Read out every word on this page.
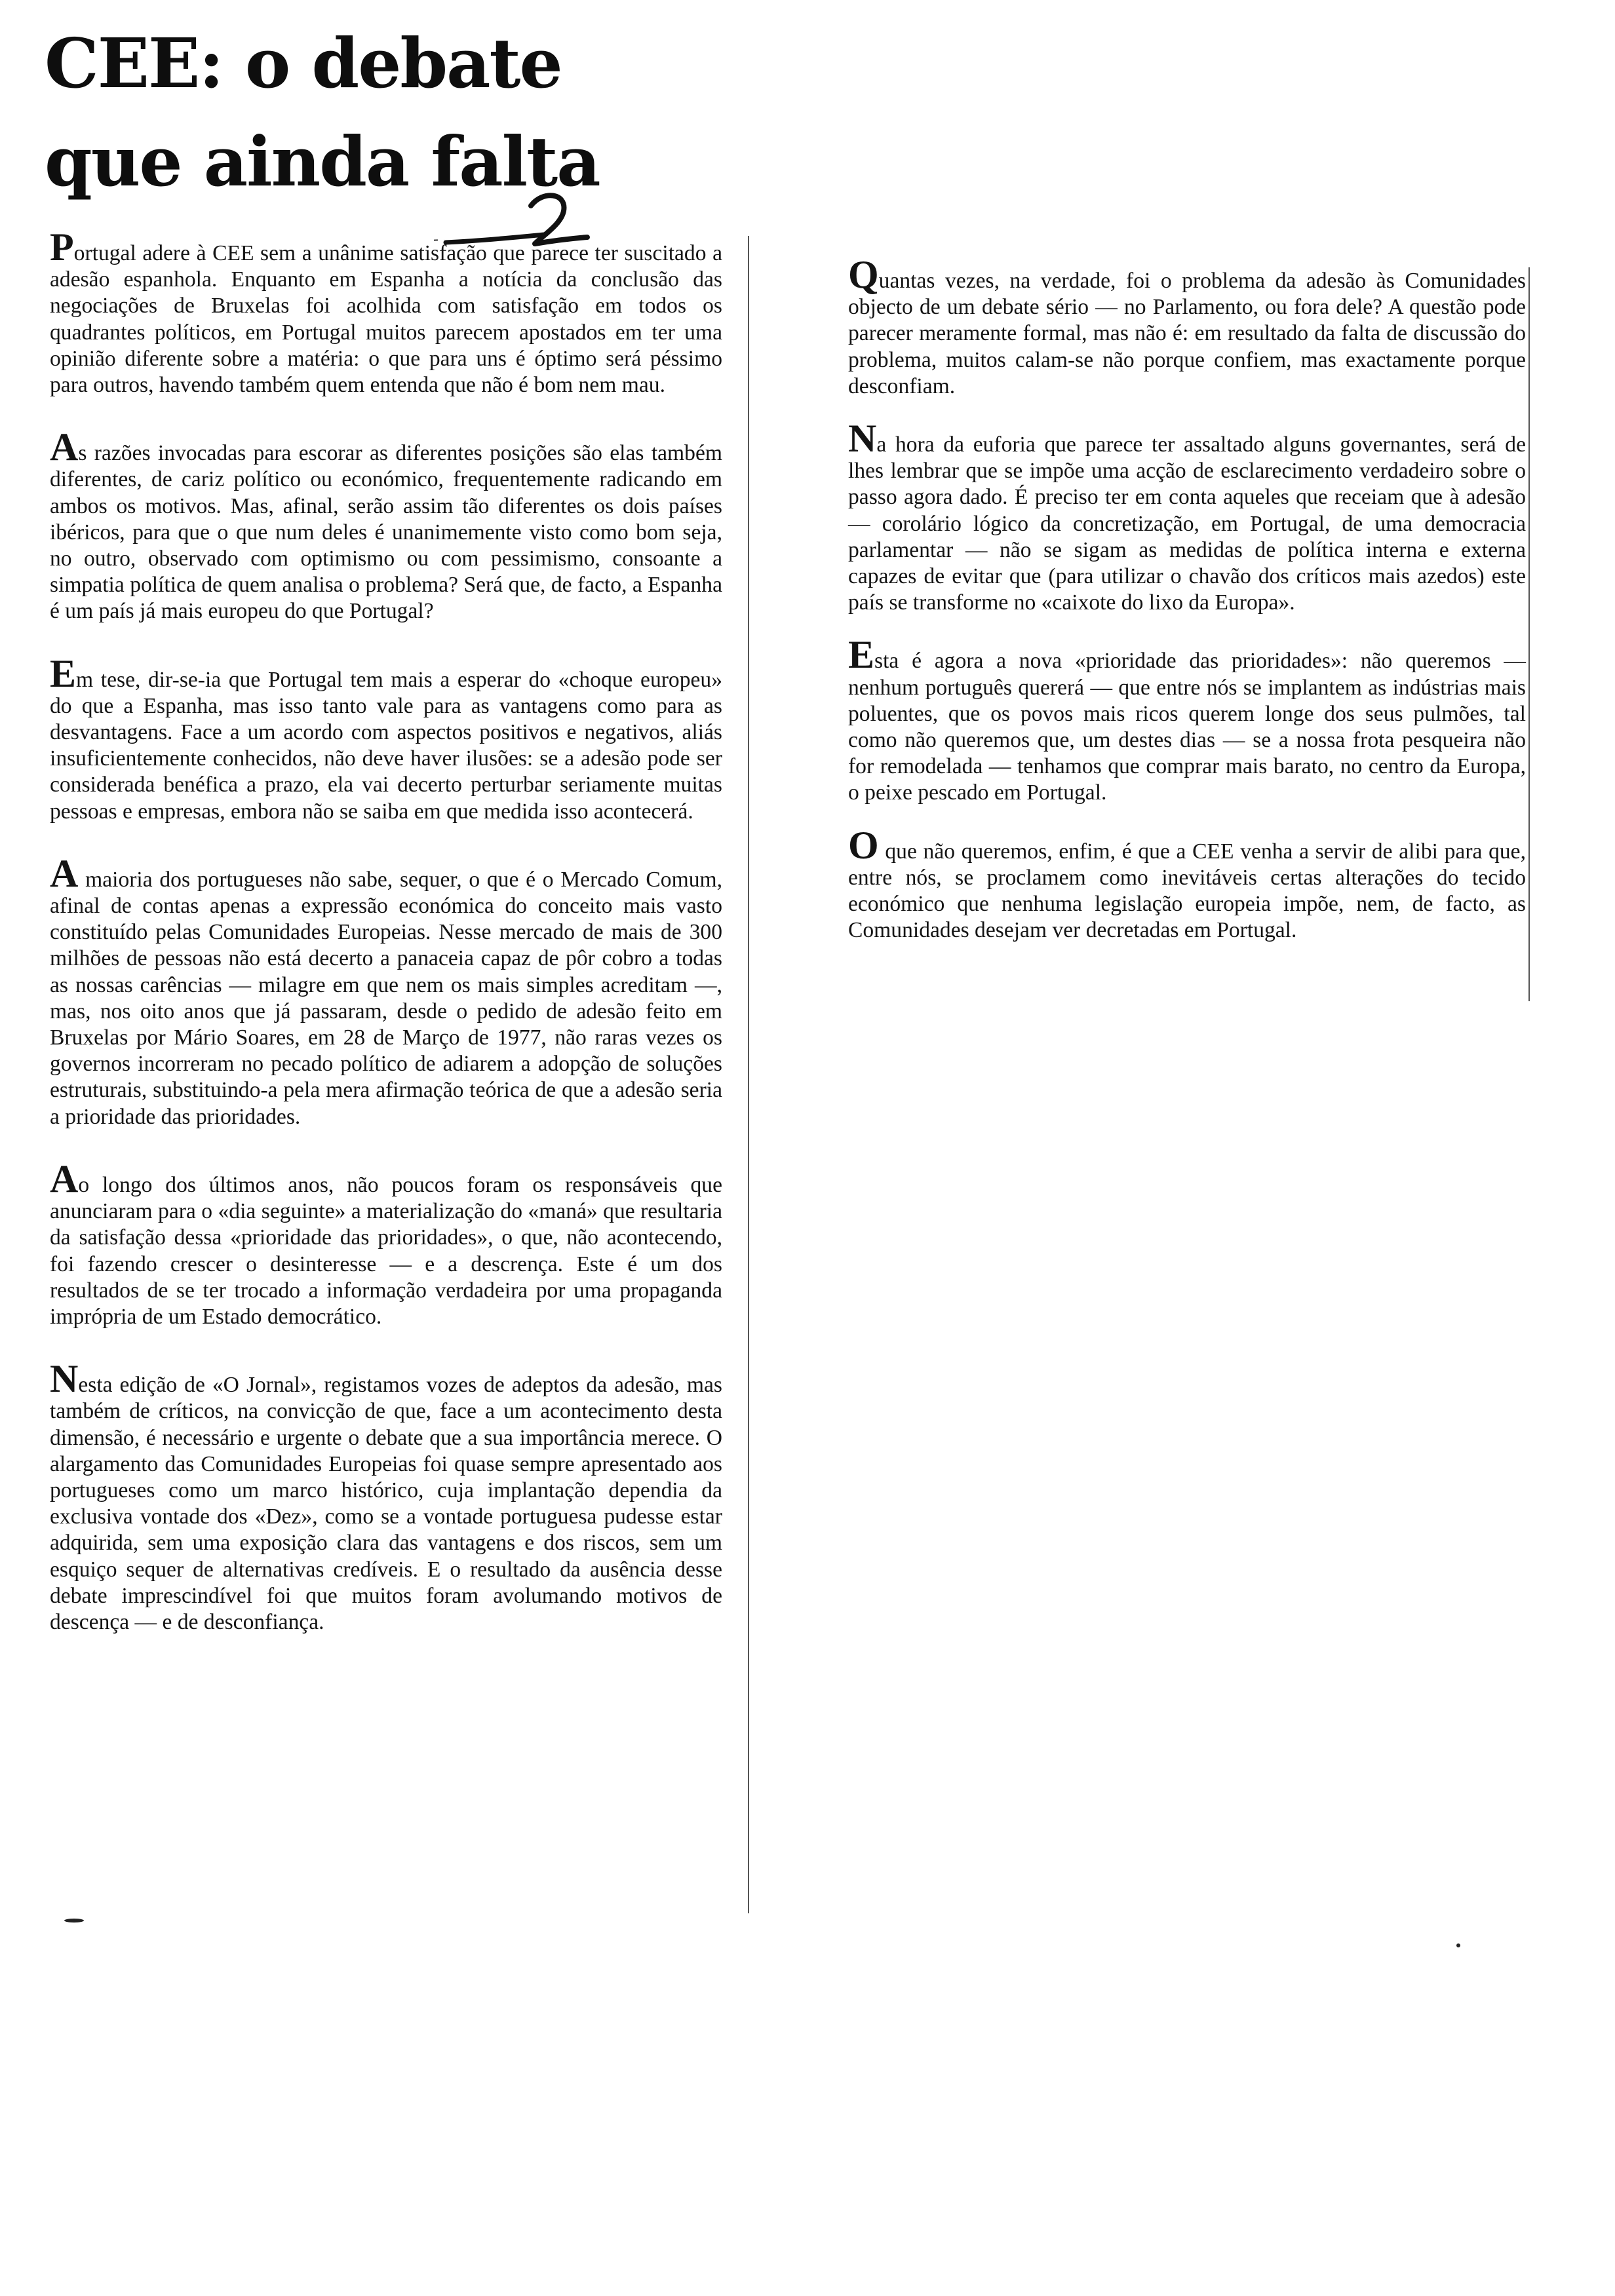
CEE: o debate
que ainda falta

Portugal adere à CEE sem a unânime satisfação que parece ter suscitado a adesão espanhola. Enquanto em Espanha a notícia da conclusão das negociações de Bruxelas foi acolhida com satisfação em todos os quadrantes políticos, em Portugal muitos parecem apostados em ter uma opinião diferente sobre a matéria: o que para uns é óptimo será péssimo para outros, havendo também quem entenda que não é bom nem mau.

As razões invocadas para escorar as diferentes posições são elas também diferentes, de cariz político ou económico, frequentemente radicando em ambos os motivos. Mas, afinal, serão assim tão diferentes os dois países ibéricos, para que o que num deles é unanimemente visto como bom seja, no outro, observado com optimismo ou com pessimismo, consoante a simpatia política de quem analisa o problema? Será que, de facto, a Espanha é um país já mais europeu do que Portugal?

Em tese, dir-se-ia que Portugal tem mais a esperar do «choque europeu» do que a Espanha, mas isso tanto vale para as vantagens como para as desvantagens. Face a um acordo com aspectos positivos e negativos, aliás insuficientemente conhecidos, não deve haver ilusões: se a adesão pode ser considerada benéfica a prazo, ela vai decerto perturbar seriamente muitas pessoas e empresas, embora não se saiba em que medida isso acontecerá.

A maioria dos portugueses não sabe, sequer, o que é o Mercado Comum, afinal de contas apenas a expressão económica do conceito mais vasto constituído pelas Comunidades Europeias. Nesse mercado de mais de 300 milhões de pessoas não está decerto a panaceia capaz de pôr cobro a todas as nossas carências — milagre em que nem os mais simples acreditam —, mas, nos oito anos que já passaram, desde o pedido de adesão feito em Bruxelas por Mário Soares, em 28 de Março de 1977, não raras vezes os governos incorreram no pecado político de adiarem a adopção de soluções estruturais, substituindo-a pela mera afirmação teórica de que a adesão seria a prioridade das prioridades.

Ao longo dos últimos anos, não poucos foram os responsáveis que anunciaram para o «dia seguinte» a materialização do «maná» que resultaria da satisfação dessa «prioridade das prioridades», o que, não acontecendo, foi fazendo crescer o desinteresse — e a descrença. Este é um dos resultados de se ter trocado a informação verdadeira por uma propaganda imprópria de um Estado democrático.

Nesta edição de «O Jornal», registamos vozes de adeptos da adesão, mas também de críticos, na convicção de que, face a um acontecimento desta dimensão, é necessário e urgente o debate que a sua importância merece. O alargamento das Comunidades Europeias foi quase sempre apresentado aos portugueses como um marco histórico, cuja implantação dependia da exclusiva vontade dos «Dez», como se a vontade portuguesa pudesse estar adquirida, sem uma exposição clara das vantagens e dos riscos, sem um esquiço sequer de alternativas credíveis. E o resultado da ausência desse debate imprescindível foi que muitos foram avolumando motivos de descença — e de desconfiança.

Quantas vezes, na verdade, foi o problema da adesão às Comunidades objecto de um debate sério — no Parlamento, ou fora dele? A questão pode parecer meramente formal, mas não é: em resultado da falta de discussão do problema, muitos calam-se não porque confiem, mas exactamente porque desconfiam.

Na hora da euforia que parece ter assaltado alguns governantes, será de lhes lembrar que se impõe uma acção de esclarecimento verdadeiro sobre o passo agora dado. É preciso ter em conta aqueles que receiam que à adesão — corolário lógico da concretização, em Portugal, de uma democracia parlamentar — não se sigam as medidas de política interna e externa capazes de evitar que (para utilizar o chavão dos críticos mais azedos) este país se transforme no «caixote do lixo da Europa».

Esta é agora a nova «prioridade das prioridades»: não queremos — nenhum português quererá — que entre nós se implantem as indústrias mais poluentes, que os povos mais ricos querem longe dos seus pulmões, tal como não queremos que, um destes dias — se a nossa frota pesqueira não for remodelada — tenhamos que comprar mais barato, no centro da Europa, o peixe pescado em Portugal.

O que não queremos, enfim, é que a CEE venha a servir de alibi para que, entre nós, se proclamem como inevitáveis certas alterações do tecido económico que nenhuma legislação europeia impõe, nem, de facto, as Comunidades desejam ver decretadas em Portugal.
